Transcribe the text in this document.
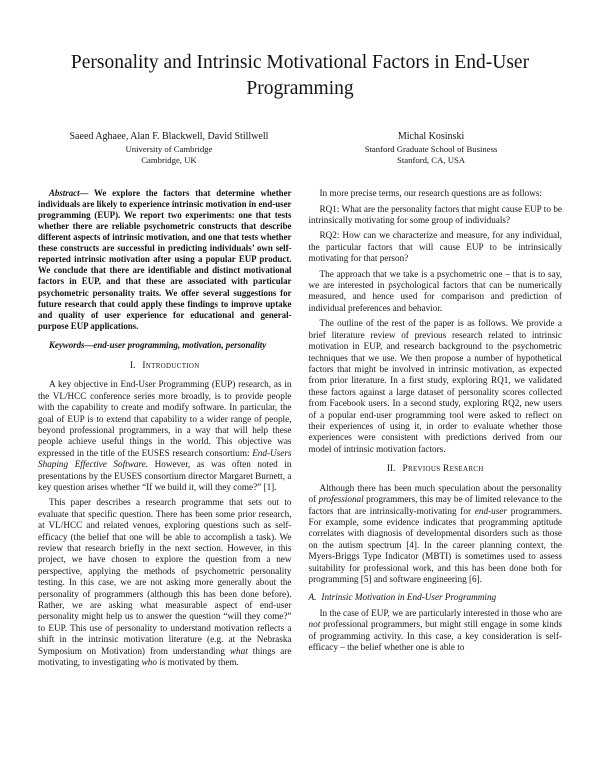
Personality and Intrinsic Motivational Factors in End-User Programming
Saeed Aghaee, Alan F. Blackwell, David Stillwell
University of Cambridge
Cambridge, UK
Michal Kosinski
Stanford Graduate School of Business
Stanford, CA, USA

Abstract— We explore the factors that determine whether individuals are likely to experience intrinsic motivation in end-user programming (EUP). We report two experiments: one that tests whether there are reliable psychometric constructs that describe different aspects of intrinsic motivation, and one that tests whether these constructs are successful in predicting individuals’ own self-reported intrinsic motivation after using a popular EUP product. We conclude that there are identifiable and distinct motivational factors in EUP, and that these are associated with particular psychometric personality traits. We offer several suggestions for future research that could apply these findings to improve uptake and quality of user experience for educational and general-purpose EUP applications.

Keywords—end-user programming, motivation, personality

I. Introduction

A key objective in End-User Programming (EUP) research, as in the VL/HCC conference series more broadly, is to provide people with the capability to create and modify software. In particular, the goal of EUP is to extend that capability to a wider range of people, beyond professional programmers, in a way that will help these people achieve useful things in the world. This objective was expressed in the title of the EUSES research consortium: End-Users Shaping Effective Software. However, as was often noted in presentations by the EUSES consortium director Margaret Burnett, a key question arises whether “If we build it, will they come?” [1].

This paper describes a research programme that sets out to evaluate that specific question. There has been some prior research, at VL/HCC and related venues, exploring questions such as self-efficacy (the belief that one will be able to accomplish a task). We review that research briefly in the next section. However, in this project, we have chosen to explore the question from a new perspective, applying the methods of psychometric personality testing. In this case, we are not asking more generally about the personality of programmers (although this has been done before). Rather, we are asking what measurable aspect of end-user personality might help us to answer the question “will they come?” to EUP. This use of personality to understand motivation reflects a shift in the intrinsic motivation literature (e.g. at the Nebraska Symposium on Motivation) from understanding what things are motivating, to investigating who is motivated by them.

In more precise terms, our research questions are as follows:

RQ1: What are the personality factors that might cause EUP to be intrinsically motivating for some group of individuals?

RQ2: How can we characterize and measure, for any individual, the particular factors that will cause EUP to be intrinsically motivating for that person?

The approach that we take is a psychometric one – that is to say, we are interested in psychological factors that can be numerically measured, and hence used for comparison and prediction of individual preferences and behavior.

The outline of the rest of the paper is as follows. We provide a brief literature review of previous research related to intrinsic motivation in EUP, and research background to the psychometric techniques that we use. We then propose a number of hypothetical factors that might be involved in intrinsic motivation, as expected from prior literature. In a first study, exploring RQ1, we validated these factors against a large dataset of personality scores collected from Facebook users. In a second study, exploring RQ2, new users of a popular end-user programming tool were asked to reflect on their experiences of using it, in order to evaluate whether those experiences were consistent with predictions derived from our model of intrinsic motivation factors.

II. Previous Research

Although there has been much speculation about the personality of professional programmers, this may be of limited relevance to the factors that are intrinsically-motivating for end-user programmers. For example, some evidence indicates that programming aptitude correlates with diagnosis of developmental disorders such as those on the autism spectrum [4]. In the career planning context, the Myers-Briggs Type Indicator (MBTI) is sometimes used to assess suitability for professional work, and this has been done both for programming [5] and software engineering [6].

A. Intrinsic Motivation in End-User Programming

In the case of EUP, we are particularly interested in those who are not professional programmers, but might still engage in some kinds of programming activity. In this case, a key consideration is self-efficacy – the belief whether one is able to
